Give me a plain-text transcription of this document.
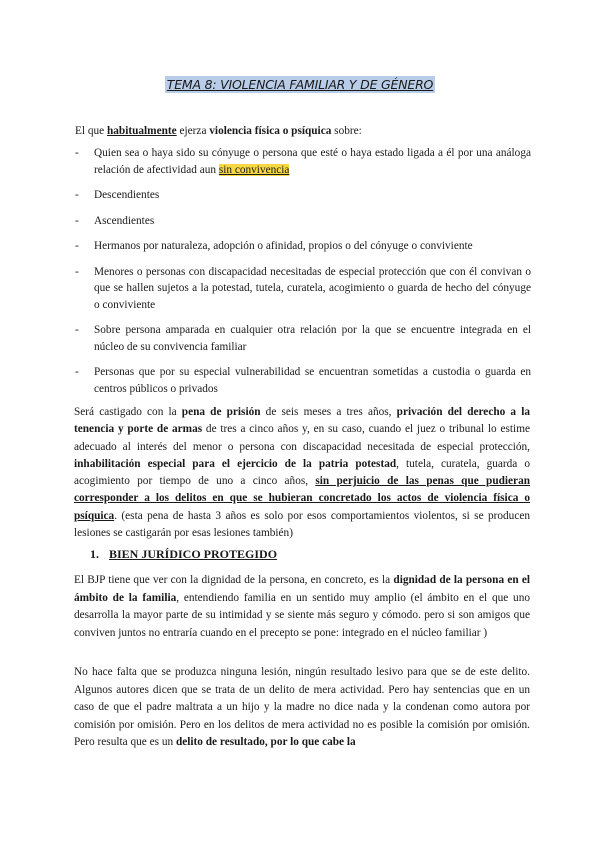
TEMA 8: VIOLENCIA FAMILIAR Y DE GÉNERO
El que habitualmente ejerza violencia física o psíquica sobre:
- Quien sea o haya sido su cónyuge o persona que esté o haya estado ligada a él por una análoga relación de afectividad aun sin convivencia
- Descendientes
- Ascendientes
- Hermanos por naturaleza, adopción o afinidad, propios o del cónyuge o conviviente
- Menores o personas con discapacidad necesitadas de especial protección que con él convivan o que se hallen sujetos a la potestad, tutela, curatela, acogimiento o guarda de hecho del cónyuge o conviviente
- Sobre persona amparada en cualquier otra relación por la que se encuentre integrada en el núcleo de su convivencia familiar
- Personas que por su especial vulnerabilidad se encuentran sometidas a custodia o guarda en centros públicos o privados
Será castigado con la pena de prisión de seis meses a tres años, privación del derecho a la tenencia y porte de armas de tres a cinco años y, en su caso, cuando el juez o tribunal lo estime adecuado al interés del menor o persona con discapacidad necesitada de especial protección, inhabilitación especial para el ejercicio de la patria potestad, tutela, curatela, guarda o acogimiento por tiempo de uno a cinco años, sin perjuicio de las penas que pudieran corresponder a los delitos en que se hubieran concretado los actos de violencia física o psíquica. (esta pena de hasta 3 años es solo por esos comportamientos violentos, si se producen lesiones se castigarán por esas lesiones también)
1. BIEN JURÍDICO PROTEGIDO
El BJP tiene que ver con la dignidad de la persona, en concreto, es la dignidad de la persona en el ámbito de la familia, entendiendo familia en un sentido muy amplio (el ámbito en el que uno desarrolla la mayor parte de su intimidad y se siente más seguro y cómodo. pero si son amigos que conviven juntos no entraría cuando en el precepto se pone: integrado en el núcleo familiar )
No hace falta que se produzca ninguna lesión, ningún resultado lesivo para que se de este delito. Algunos autores dicen que se trata de un delito de mera actividad. Pero hay sentencias que en un caso de que el padre maltrata a un hijo y la madre no dice nada y la condenan como autora por comisión por omisión. Pero en los delitos de mera actividad no es posible la comisión por omisión. Pero resulta que es un delito de resultado, por lo que cabe la
